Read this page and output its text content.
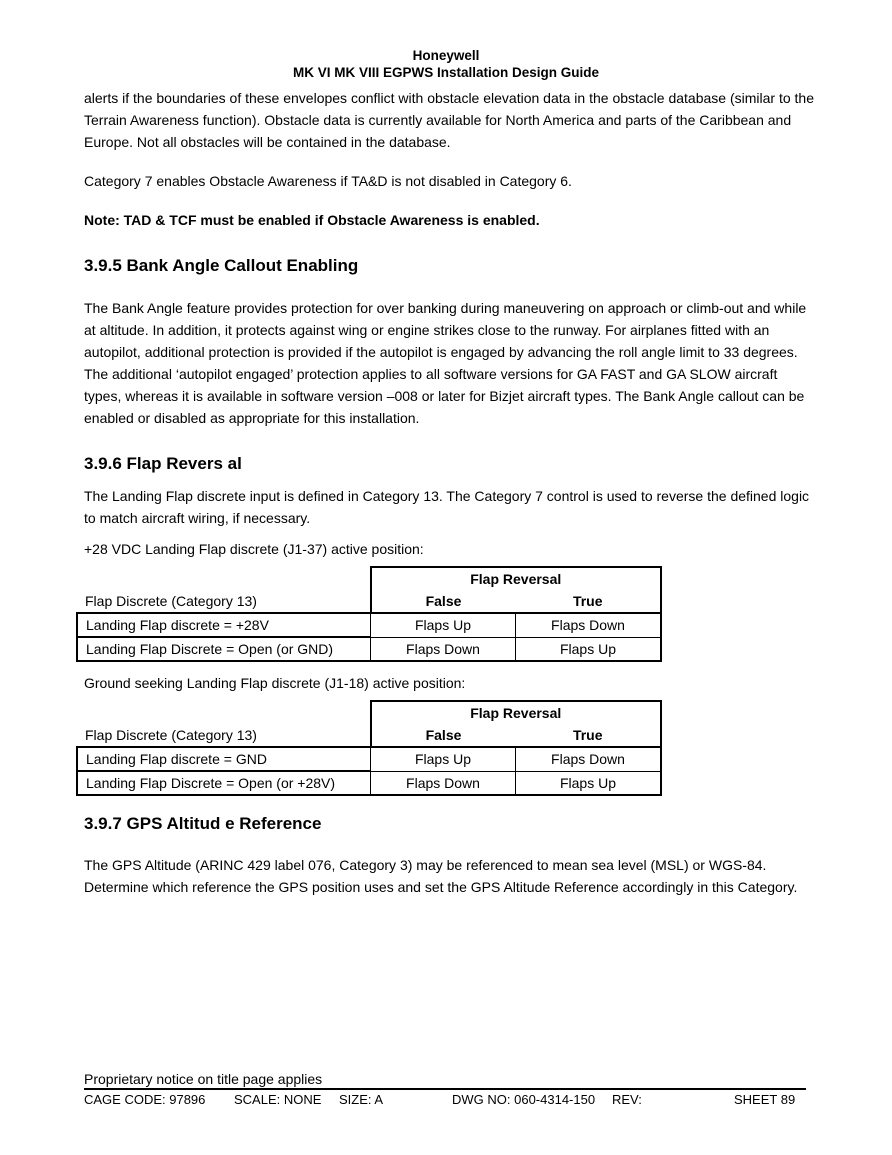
Honeywell
MK VI MK VIII EGPWS Installation Design Guide

alerts if the boundaries of these envelopes conflict with obstacle elevation data in the obstacle database (similar to the Terrain Awareness function). Obstacle data is currently available for North America and parts of the Caribbean and Europe. Not all obstacles will be contained in the database.

Category 7 enables Obstacle Awareness if TA&D is not disabled in Category 6.

Note: TAD & TCF must be enabled if Obstacle Awareness is enabled.

3.9.5 Bank Angle Callout Enabling

The Bank Angle feature provides protection for over banking during maneuvering on approach or climb-out and while at altitude. In addition, it protects against wing or engine strikes close to the runway. For airplanes fitted with an autopilot, additional protection is provided if the autopilot is engaged by advancing the roll angle limit to 33 degrees. The additional ‘autopilot engaged’ protection applies to all software versions for GA FAST and GA SLOW aircraft types, whereas it is available in software version –008 or later for Bizjet aircraft types. The Bank Angle callout can be enabled or disabled as appropriate for this installation.

3.9.6 Flap Revers al

The Landing Flap discrete input is defined in Category 13. The Category 7 control is used to reverse the defined logic to match aircraft wiring, if necessary.

+28 VDC Landing Flap discrete (J1-37) active position:

	Flap Reversal	
Flap Discrete (Category 13)	False	True
Landing Flap discrete = +28V	Flaps Up	Flaps Down
Landing Flap Discrete = Open (or GND)	Flaps Down	Flaps Up

Ground seeking Landing Flap discrete (J1-18) active position:

	Flap Reversal	
Flap Discrete (Category 13)	False	True
Landing Flap discrete = GND	Flaps Up	Flaps Down
Landing Flap Discrete = Open (or +28V)	Flaps Down	Flaps Up
3.9.7 GPS Altitud e Reference

The GPS Altitude (ARINC 429 label 076, Category 3) may be referenced to mean sea level (MSL) or WGS-84. Determine which reference the GPS position uses and set the GPS Altitude Reference accordingly in this Category.

Proprietary notice on title page applies
CAGE CODE: 97896 SCALE: NONE SIZE: A	DWG NO: 060-4314-150 REV:	SHEET 89
